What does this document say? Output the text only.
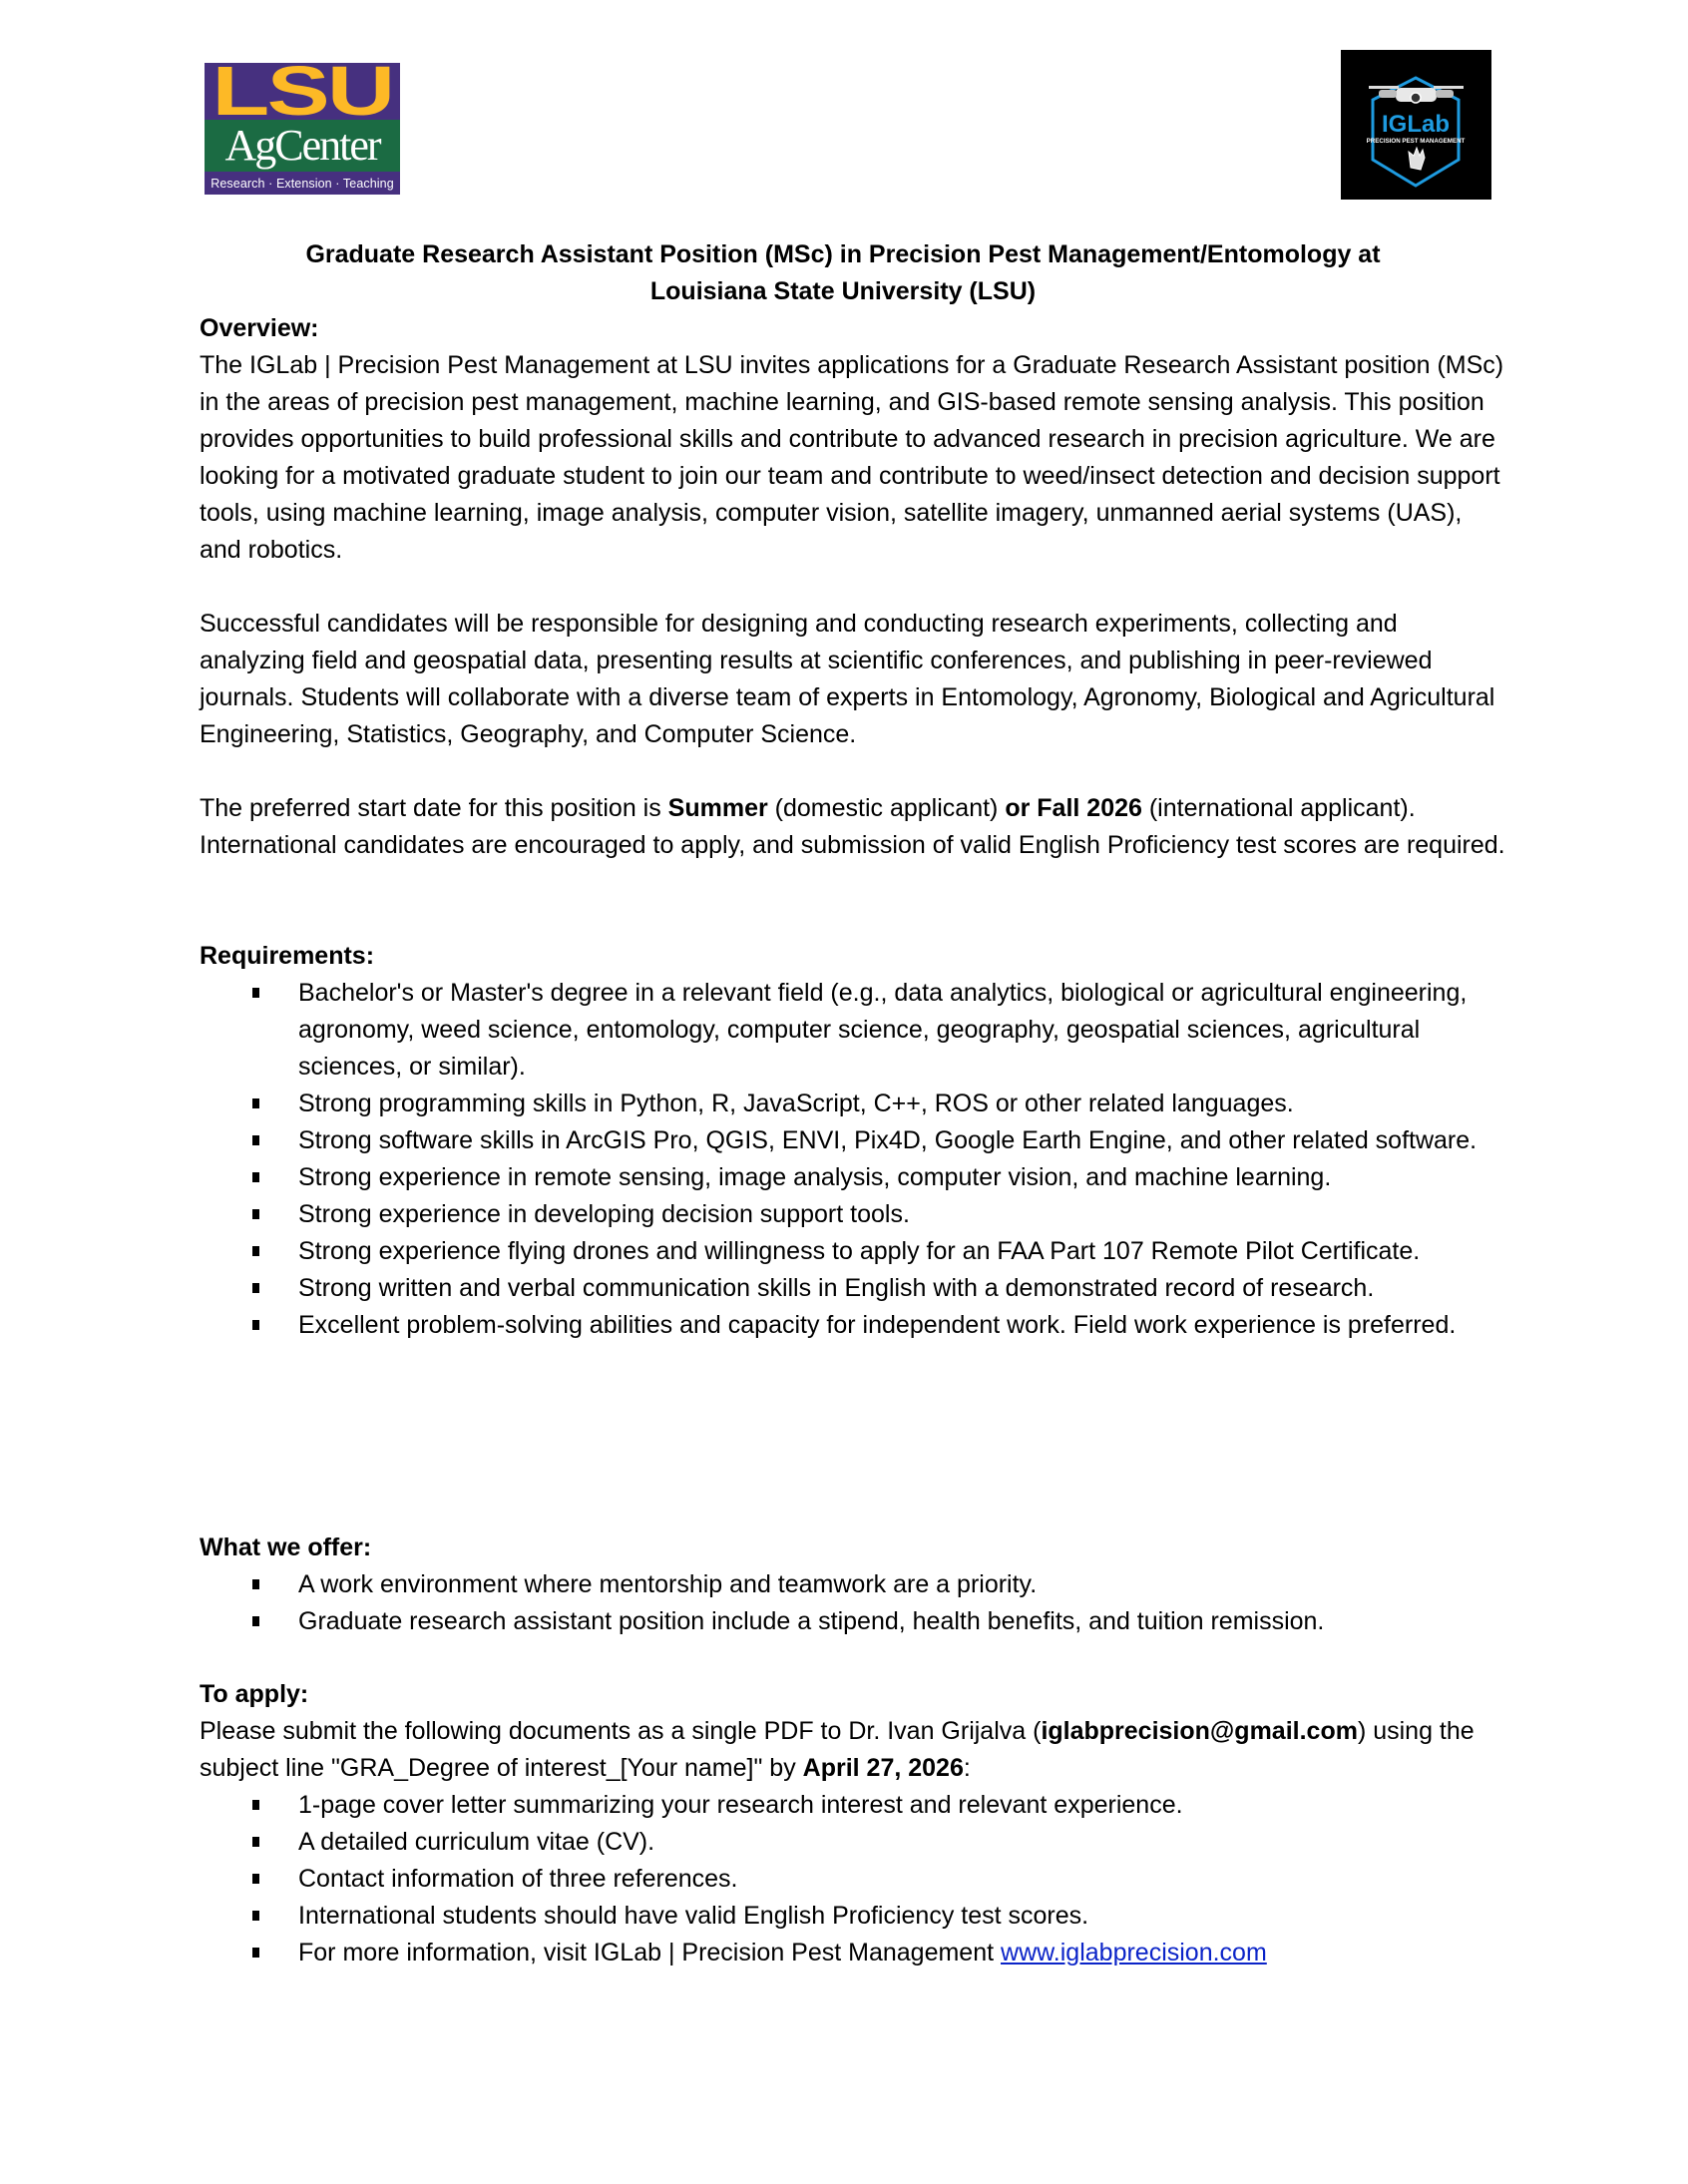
LSU
AgCenter
Research · Extension · Teaching
IGLab
PRECISION PEST MANAGEMENT
Graduate Research Assistant Position (MSc) in Precision Pest Management/Entomology at
Louisiana State University (LSU)
Overview:

The IGLab | Precision Pest Management at LSU invites applications for a Graduate Research Assistant position (MSc) in the areas of precision pest management, machine learning, and GIS-based remote sensing analysis. This position provides opportunities to build professional skills and contribute to advanced research in precision agriculture. We are looking for a motivated graduate student to join our team and contribute to weed/insect detection and decision support tools, using machine learning, image analysis, computer vision, satellite imagery, unmanned aerial systems (UAS), and robotics.

Successful candidates will be responsible for designing and conducting research experiments, collecting and analyzing field and geospatial data, presenting results at scientific conferences, and publishing in peer-reviewed journals. Students will collaborate with a diverse team of experts in Entomology, Agronomy, Biological and Agricultural Engineering, Statistics, Geography, and Computer Science.

The preferred start date for this position is Summer (domestic applicant) or Fall 2026 (international applicant). International candidates are encouraged to apply, and submission of valid English Proficiency test scores are required.

Requirements:
Bachelor's or Master's degree in a relevant field (e.g., data analytics, biological or agricultural engineering, agronomy, weed science, entomology, computer science, geography, geospatial sciences, agricultural sciences, or similar).
Strong programming skills in Python, R, JavaScript, C++, ROS or other related languages.
Strong software skills in ArcGIS Pro, QGIS, ENVI, Pix4D, Google Earth Engine, and other related software.
Strong experience in remote sensing, image analysis, computer vision, and machine learning.
Strong experience in developing decision support tools.
Strong experience flying drones and willingness to apply for an FAA Part 107 Remote Pilot Certificate.
Strong written and verbal communication skills in English with a demonstrated record of research.
Excellent problem-solving abilities and capacity for independent work. Field work experience is preferred.
What we offer:
A work environment where mentorship and teamwork are a priority.
Graduate research assistant position include a stipend, health benefits, and tuition remission.
To apply:

Please submit the following documents as a single PDF to Dr. Ivan Grijalva (iglabprecision@gmail.com) using the subject line "GRA_Degree of interest_[Your name]" by April 27, 2026:

1-page cover letter summarizing your research interest and relevant experience.
A detailed curriculum vitae (CV).
Contact information of three references.
International students should have valid English Proficiency test scores.
For more information, visit IGLab | Precision Pest Management www.iglabprecision.com
